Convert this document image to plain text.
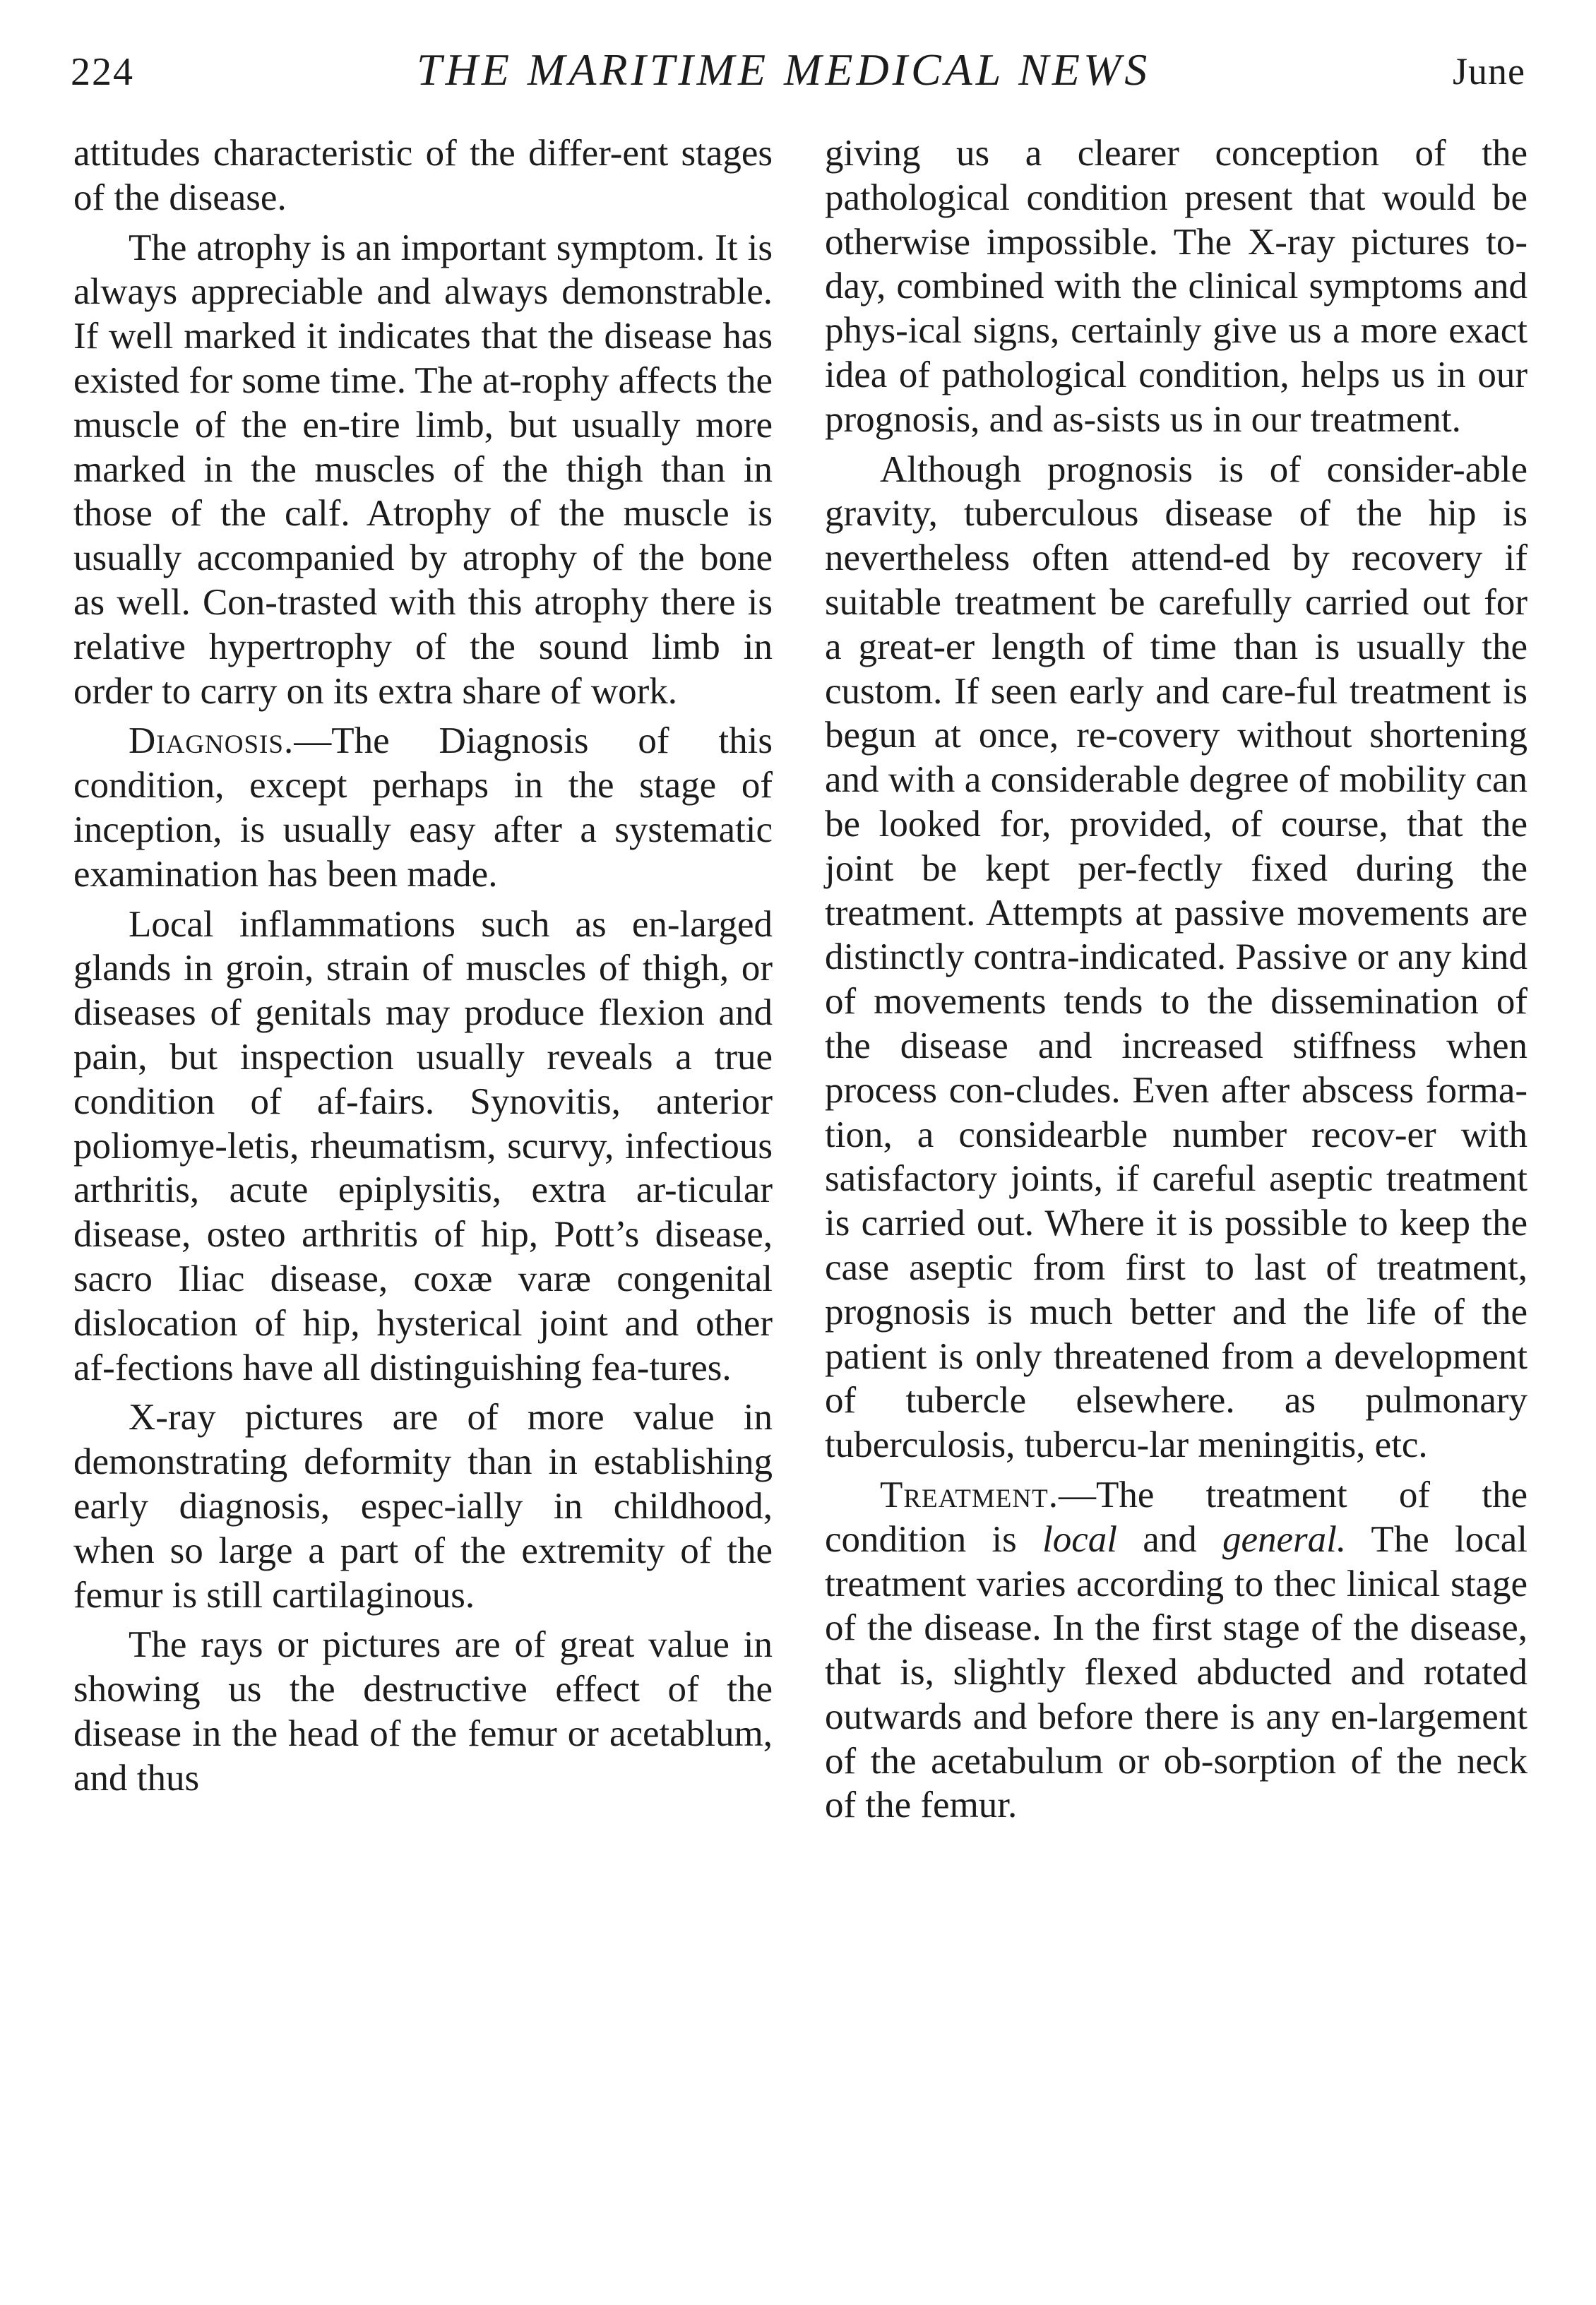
224	THE MARITIME MEDICAL NEWS	June

attitudes characteristic of the differ-ent stages of the disease.

The atrophy is an important symptom. It is always appreciable and always demonstrable. If well marked it indicates that the disease has existed for some time. The at-rophy affects the muscle of the en-tire limb, but usually more marked in the muscles of the thigh than in those of the calf. Atrophy of the muscle is usually accompanied by atrophy of the bone as well. Con-trasted with this atrophy there is relative hypertrophy of the sound limb in order to carry on its extra share of work.

Diagnosis.—The Diagnosis of this condition, except perhaps in the stage of inception, is usually easy after a systematic examination has been made.

Local inflammations such as en-larged glands in groin, strain of muscles of thigh, or diseases of genitals may produce flexion and pain, but inspection usually reveals a true condition of af-fairs. Synovitis, anterior poliomye-letis, rheumatism, scurvy, infectious arthritis, acute epiplysitis, extra ar-ticular disease, osteo arthritis of hip, Pott’s disease, sacro Iliac disease, coxæ varæ congenital dislocation of hip, hysterical joint and other af-fections have all distinguishing fea-tures.

X-ray pictures are of more value in demonstrating deformity than in establishing early diagnosis, espec-ially in childhood, when so large a part of the extremity of the femur is still cartilaginous.

The rays or pictures are of great value in showing us the destructive effect of the disease in the head of the femur or acetablum, and thus

giving us a clearer conception of the pathological condition present that would be otherwise impossible. The X-ray pictures to-day, combined with the clinical symptoms and phys-ical signs, certainly give us a more exact idea of pathological condition, helps us in our prognosis, and as-sists us in our treatment.

Although prognosis is of consider-able gravity, tuberculous disease of the hip is nevertheless often attend-ed by recovery if suitable treatment be carefully carried out for a great-er length of time than is usually the custom. If seen early and care-ful treatment is begun at once, re-covery without shortening and with a considerable degree of mobility can be looked for, provided, of course, that the joint be kept per-fectly fixed during the treatment. Attempts at passive movements are distinctly contra-indicated. Passive or any kind of movements tends to the dissemination of the disease and increased stiffness when process con-cludes. Even after abscess forma-tion, a considearble number recov-er with satisfactory joints, if careful aseptic treatment is carried out. Where it is possible to keep the case aseptic from first to last of treatment, prognosis is much better and the life of the patient is only threatened from a development of tubercle elsewhere. as pulmonary tuberculosis, tubercu-lar meningitis, etc.

Treatment.—The treatment of the condition is local and general. The local treatment varies according to thec linical stage of the disease. In the first stage of the disease, that is, slightly flexed abducted and rotated outwards and before there is any en-largement of the acetabulum or ob-sorption of the neck of the femur.
